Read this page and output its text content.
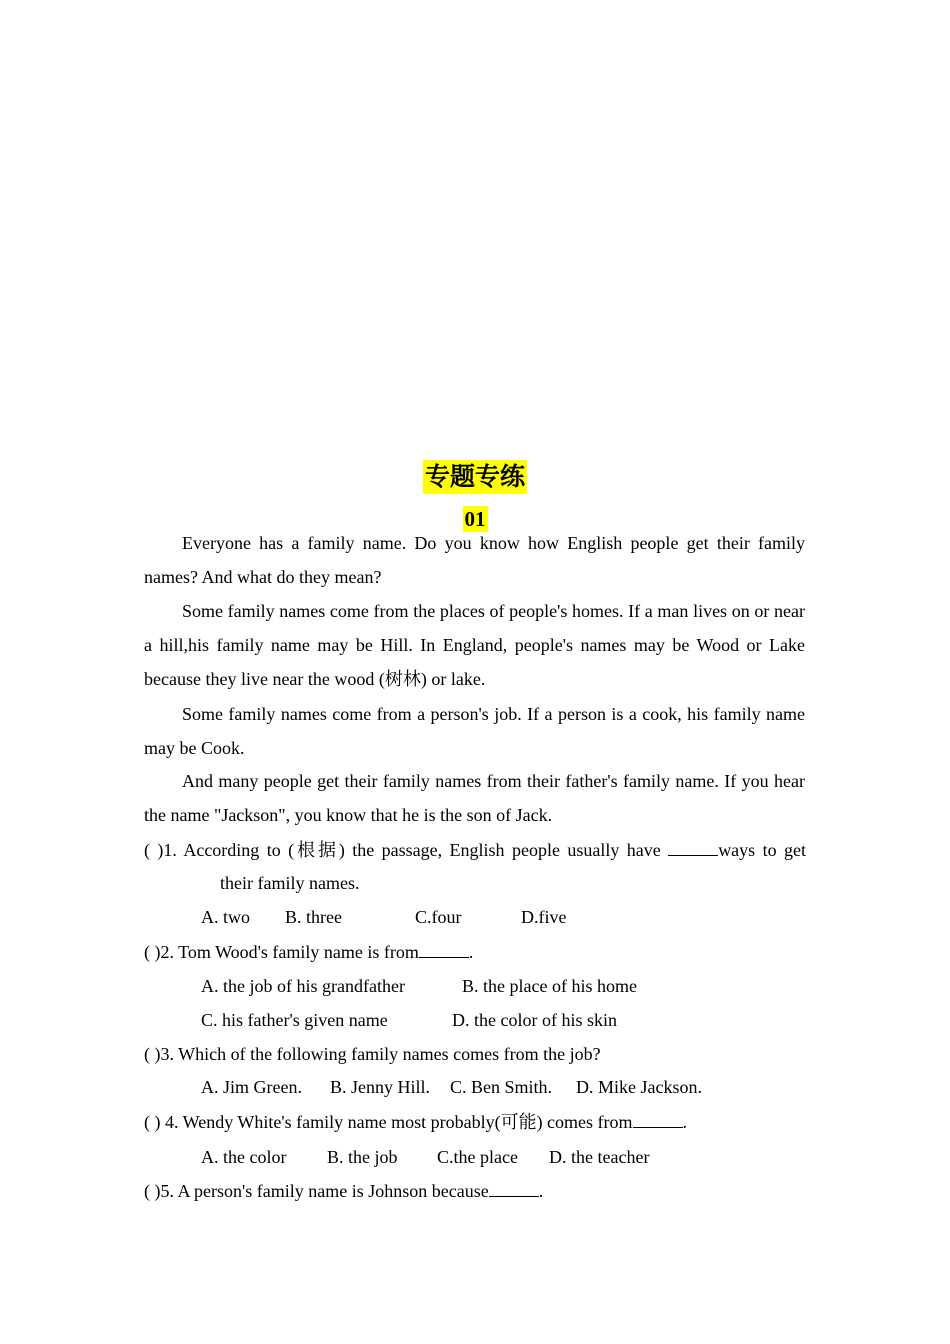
专题专练
01

Everyone has a family name. Do you know how English people get their family names? And what do they mean?

Some family names come from the places of people's homes. If a man lives on or near a hill,his family name may be Hill. In England, people's names may be Wood or Lake because they live near the wood (树林) or lake.

Some family names come from a person's job. If a person is a cook, his family name may be Cook.

And many people get their family names from their father's family name. If you hear the name "Jackson", you know that he is the son of Jack.

( )1. According to (根据) the passage, English people usually have	ways to get
their family names.
A. two B. three	C.four	D.five
( )2. Tom Wood's family name is from	.
A. the job of his grandfather	B. the place of his home
C. his father's given name	D. the color of his skin
( )3. Which of the following family names comes from the job?
A. Jim Green. B. Jenny Hill. C. Ben Smith. D. Mike Jackson.
( ) 4. Wendy White's family name most probably(可能) comes from	.
A. the color B. the job C.the place D. the teacher
( )5. A person's family name is Johnson because	.
